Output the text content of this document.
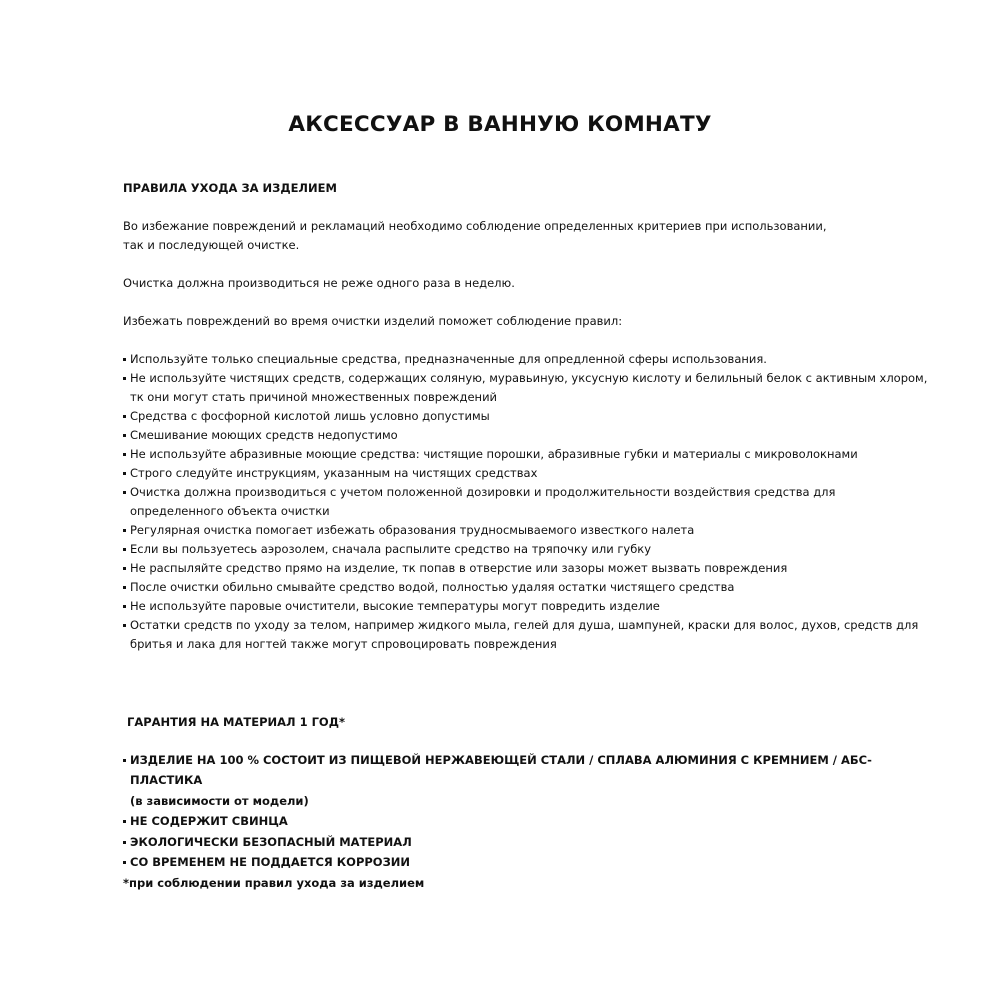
АКСЕССУАР В ВАННУЮ КОМНАТУ

ПРАВИЛА УХОДА ЗА ИЗДЕЛИЕМ

Во избежание повреждений и рекламаций необходимо соблюдение определенных критериев при использовании,

так и последующей очистке.

Очистка должна производиться не реже одного раза в неделю.

Избежать повреждений во время очистки изделий поможет соблюдение правил:

Используйте только специальные средства, предназначенные для опредленной сферы использования.
Не используйте чистящих средств, содержащих соляную, муравьиную, уксусную кислоту и белильный белок с активным хлором,
тк они могут стать причиной множественных повреждений
Средства с фосфорной кислотой лишь условно допустимы
Смешивание моющих средств недопустимо
Не используйте абразивные моющие средства: чистящие порошки, абразивные губки и материалы с микроволокнами
Строго следуйте инструкциям, указанным на чистящих средствах
Очистка должна производиться с учетом положенной дозировки и продолжительности воздействия средства для
определенного объекта очистки
Регулярная очистка помогает избежать образования трудносмываемого известкого налета
Если вы пользуетесь аэрозолем, сначала распылите средство на тряпочку или губку
Не распыляйте средство прямо на изделие, тк попав в отверстие или зазоры может вызвать повреждения
После очистки обильно смывайте средство водой, полностью удаляя остатки чистящего средства
Не используйте паровые очистители, высокие температуры могут повредить изделие
Остатки средств по уходу за телом, например жидкого мыла, гелей для душа, шампуней, краски для волос, духов, средств для
бритья и лака для ногтей также могут спровоцировать повреждения

ГАРАНТИЯ НА МАТЕРИАЛ 1 ГОД*

ИЗДЕЛИЕ НА 100 % СОСТОИТ ИЗ ПИЩЕВОЙ НЕРЖАВЕЮЩЕЙ СТАЛИ / СПЛАВА АЛЮМИНИЯ С КРЕМНИЕМ / АБС-ПЛАСТИКА
(в зависимости от модели)
НЕ СОДЕРЖИТ СВИНЦА
ЭКОЛОГИЧЕСКИ БЕЗОПАСНЫЙ МАТЕРИАЛ
СО ВРЕМЕНЕМ НЕ ПОДДАЕТСЯ КОРРОЗИИ

*при соблюдении правил ухода за изделием
